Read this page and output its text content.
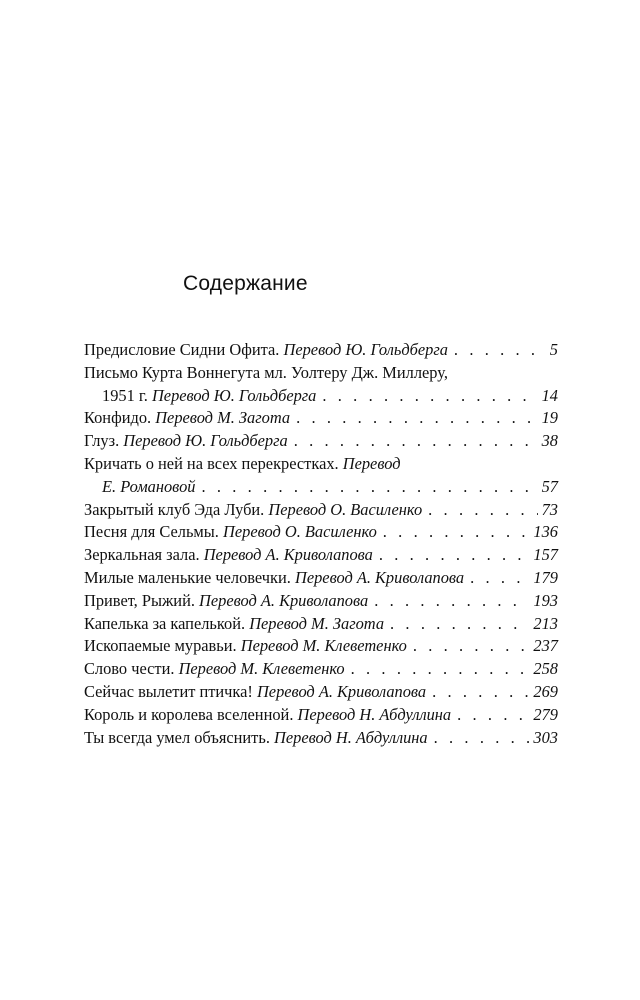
Содержание
Предисловие Сидни Офита. Перевод Ю. Гольдберга . . .	5
Письмо Курта Воннегута мл. Уолтеру Дж. Миллеру,
1951 г. Перевод Ю. Гольдберга . . .	14
Конфидо. Перевод М. Загота . . .	19
Глуз. Перевод Ю. Гольдберга . . .	38
Кричать о ней на всех перекрестках. Перевод
Е. Романовой . . .	57
Закрытый клуб Эда Луби. Перевод О. Василенко . . .	73
Песня для Сельмы. Перевод О. Василенко . . .	136
Зеркальная зала. Перевод А. Криволапова . . .	157
Милые маленькие человечки. Перевод А. Криволапова . . .	179
Привет, Рыжий. Перевод А. Криволапова . . .	193
Капелька за капелькой. Перевод М. Загота . . .	213
Ископаемые муравьи. Перевод М. Клеветенко . . .	237
Слово чести. Перевод М. Клеветенко . . .	258
Сейчас вылетит птичка! Перевод А. Криволапова . . .	269
Король и королева вселенной. Перевод Н. Абдуллина . . .	279
Ты всегда умел объяснить. Перевод Н. Абдуллина . . .	303
